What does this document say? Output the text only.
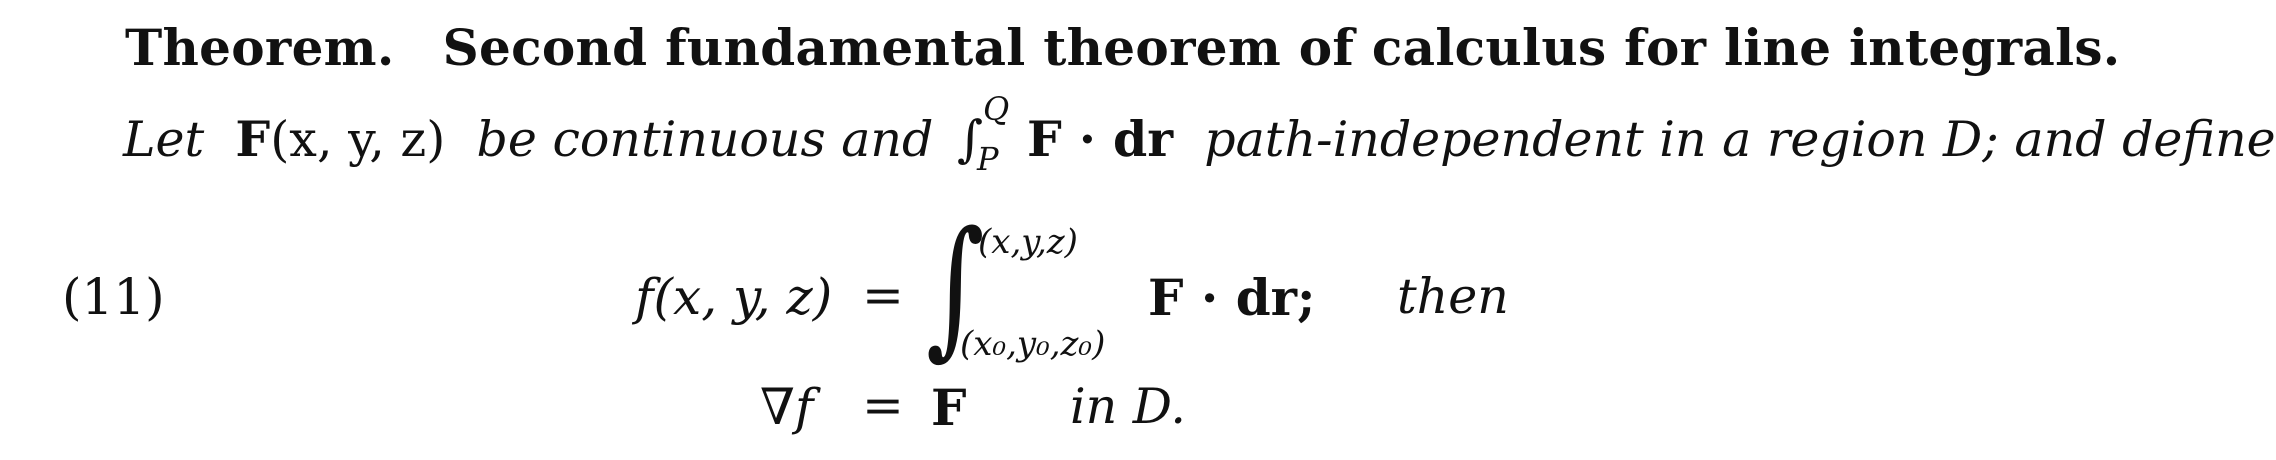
Theorem. Second fundamental theorem of calculus for line integrals.
Let F(x, y, z) be continuous and ∫
Q
P F · dr path-independent in a region D; and define
(11)	f(x, y, z) = ∫
(x,y,z)
(x₀,y₀,z₀)
F · dr; then
∇f = F in D.
